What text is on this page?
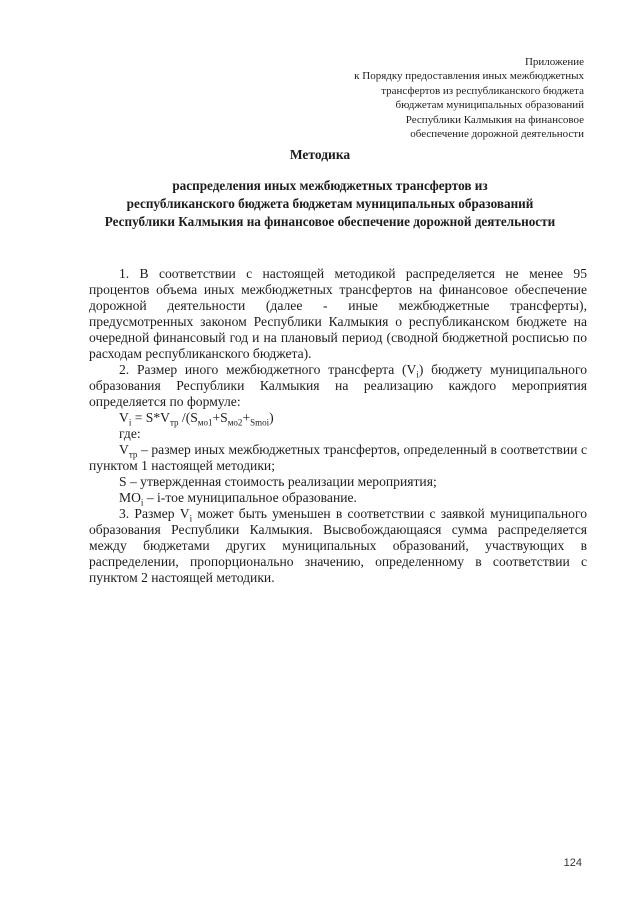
Приложение
к Порядку предоставления иных межбюджетных
трансфертов из республиканского бюджета
бюджетам муниципальных образований
Республики Калмыкия на финансовое
обеспечение дорожной деятельности
Методика
распределения иных межбюджетных трансфертов из
республиканского бюджета бюджетам муниципальных образований
Республики Калмыкия на финансовое обеспечение дорожной деятельности

1. В соответствии с настоящей методикой распределяется не менее 95 процентов объема иных межбюджетных трансфертов на финансовое обеспечение дорожной деятельности (далее - иные межбюджетные трансферты), предусмотренных законом Республики Калмыкия о республиканском бюджете на очередной финансовый год и на плановый период (сводной бюджетной росписью по расходам республиканского бюджета).

2. Размер иного межбюджетного трансферта $(V_i)$ бюджету муниципального образования Республики Калмыкия на реализацию каждого мероприятия определяется по формуле:

$V_i = S*V_{тр}$ $/(S_{мо1}+S_{мо2}+_{Smoi})$

где:

$V_{тр}$ – размер иных межбюджетных трансфертов, определенный в соответствии с пунктом 1 настоящей методики;

S – утвержденная стоимость реализации мероприятия;

$МО_i - i-тое$ муниципальное образование.

3. Размер $V_i$ может быть уменьшен в соответствии с заявкой муниципального образования Республики Калмыкия. Высвобождающаяся сумма распределяется между бюджетами других муниципальных образований, участвующих в распределении, пропорционально значению, определенному в соответствии с пунктом 2 настоящей методики.

124
